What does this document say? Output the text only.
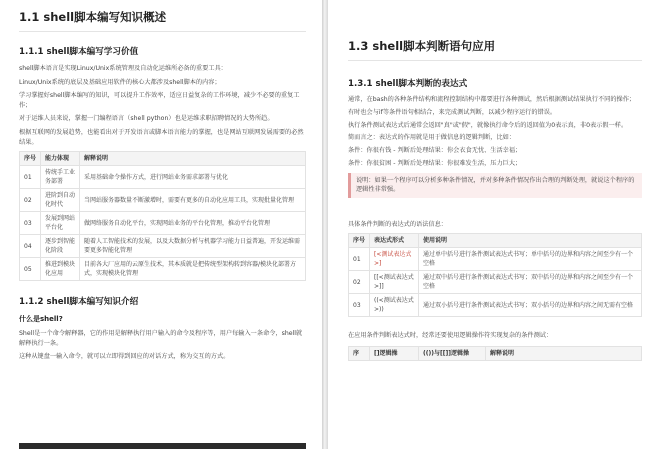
1.1 shell脚本编写知识概述
1.1.1 shell脚本编写学习价值

shell脚本语言是实现Linux/Unix系统管理及自动化运维所必备的重要工具：

Linux/Unix系统的底层及基础应用软件的核心大都涉及shell脚本的内容；

学习掌握好shell脚本编写的知识，可以提升工作效率，适应日益复杂的工作环境，减少不必要的重复工作；

对于运维人员来说，掌握一门编程语言（shell python）也是运维求职招聘情况的大势所趋。

根据互联网的发展趋势，也能看出对于开发语言或脚本语言能力的掌握，也是网站互联网发展需要的必然结果。

序号	能力体现	解释说明
01	传统手工业务部署	采用基础命令操作方式，进行网站业务需求部署与优化
02	进阶到自动化时代	当网站服务器数量不断激增时，需要有更多的自动化应用工具，实现批量化管理
03	发展到网站平台化	做网络服务自动化平台，实现网站业务的平台化管理，推动平台化管理
04	逐步到智能化阶段	随着人工智能技术的发展，以及大数据分析与机器学习能力日益普遍，开发运维需要更多智能化管理
05	推进到模块化应用	目前各大厂应用的云原生技术，其本质就是把传统型架构转到容器/模块化部署方式，实现模块化管理
1.1.2 shell脚本编写知识介绍
什么是shell?

Shell是一个命令解释器，它的作用是解释执行用户输入的命令及程序等，用户每输入一条命令，shell就解释执行一条。

这种从键盘一输入命令，就可以立即得到回应的对话方式，称为交互的方式。

1.3 shell脚本判断语句应用
1.3.1 shell脚本判断的表达式

通常，在bash的各种条件结构和流程控制结构中都要进行各种测试，然后根据测试结果执行不同的操作；

有时也会与if等条件语句相结合，来完成测试判断，以减少程序运行的错误。

执行条件测试表达式后通常会返回"真"或"假"，就像执行命令后的返回值为0表示真，非0表示假一样。

简而言之：表达式的作用就是用于做信息的逻辑判断，比如：

条件：你很有钱 - 判断后处理结果：你会衣食无忧、生活幸福；

条件：你很贫困 - 判断后处理结果：你很难发生活，压力巨大；

说明：如果一个程序可以分析多种条件情况，并对多种条件情况作出合理的判断处理，就说这个程序的逻辑性非常强。

具体条件判断的表达式的语法信息：

序号	表达式形式	使用说明
01	[<测试表达式>]	通过单中括号进行条件测试表达式书写；单中括号的边界和内容之间至少有一个空格
02	[[<测试表达式>]]	通过双中括号进行条件测试表达式书写；双中括号的边界和内容之间至少有一个空格
03	((<测试表达式>))	通过双小括号进行条件测试表达式书写；双小括号的边界和内容之间无需有空格

在应用条件判断表达式时，经常还要使用逻辑操作符实现复杂的条件测试：

序	[]逻辑操	(())与[[]]逻辑操	解释说明
